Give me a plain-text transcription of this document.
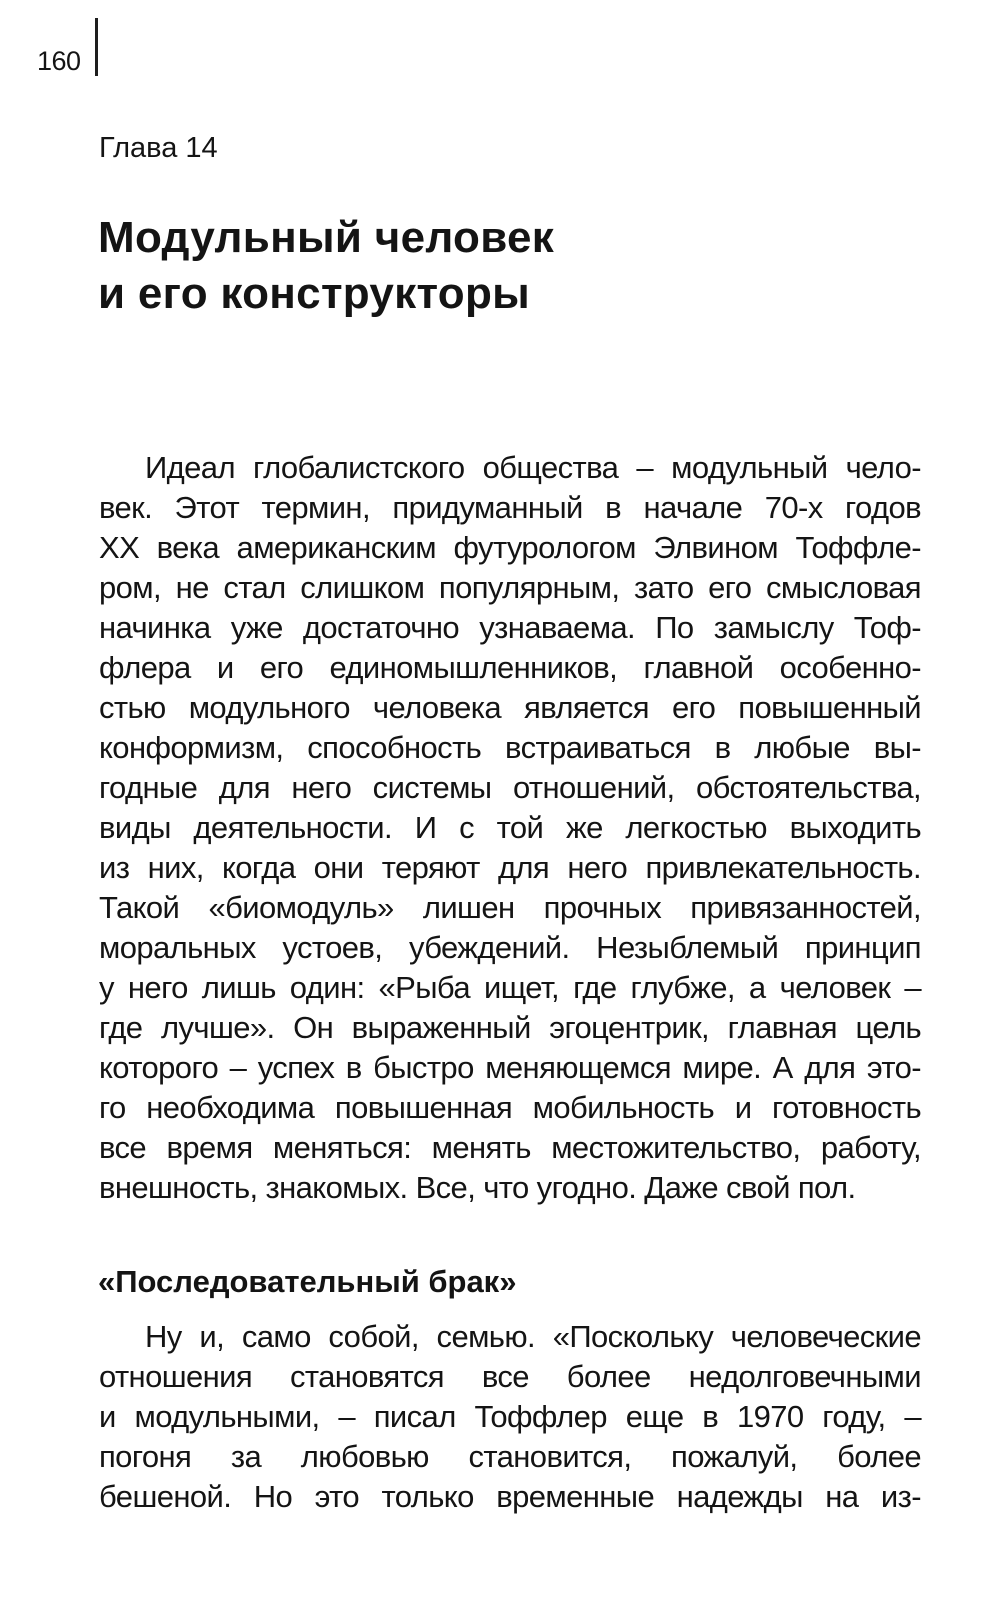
160
Глава 14
Модульный человек
и его конструкторы
Идеал глобалистского общества – модульный чело-
век. Этот термин, придуманный в начале 70-х годов
XX века американским футурологом Элвином Тоффле-
ром, не стал слишком популярным, зато его смысловая
начинка уже достаточно узнаваема. По замыслу Тоф-
флера и его единомышленников, главной особенно-
стью модульного человека является его повышенный
конформизм, способность встраиваться в любые вы-
годные для него системы отношений, обстоятельства,
виды деятельности. И с той же легкостью выходить
из них, когда они теряют для него привлекательность.
Такой «биомодуль» лишен прочных привязанностей,
моральных устоев, убеждений. Незыблемый принцип
у него лишь один: «Рыба ищет, где глубже, а человек –
где лучше». Он выраженный эгоцентрик, главная цель
которого – успех в быстро меняющемся мире. А для это-
го необходима повышенная мобильность и готовность
все время меняться: менять местожительство, работу,
внешность, знакомых. Все, что угодно. Даже свой пол.
«Последовательный брак»
Ну и, само собой, семью. «Поскольку человеческие
отношения становятся все более недолговечными
и модульными, – писал Тоффлер еще в 1970 году, –
погоня за любовью становится, пожалуй, более
бешеной. Но это только временные надежды на из-
